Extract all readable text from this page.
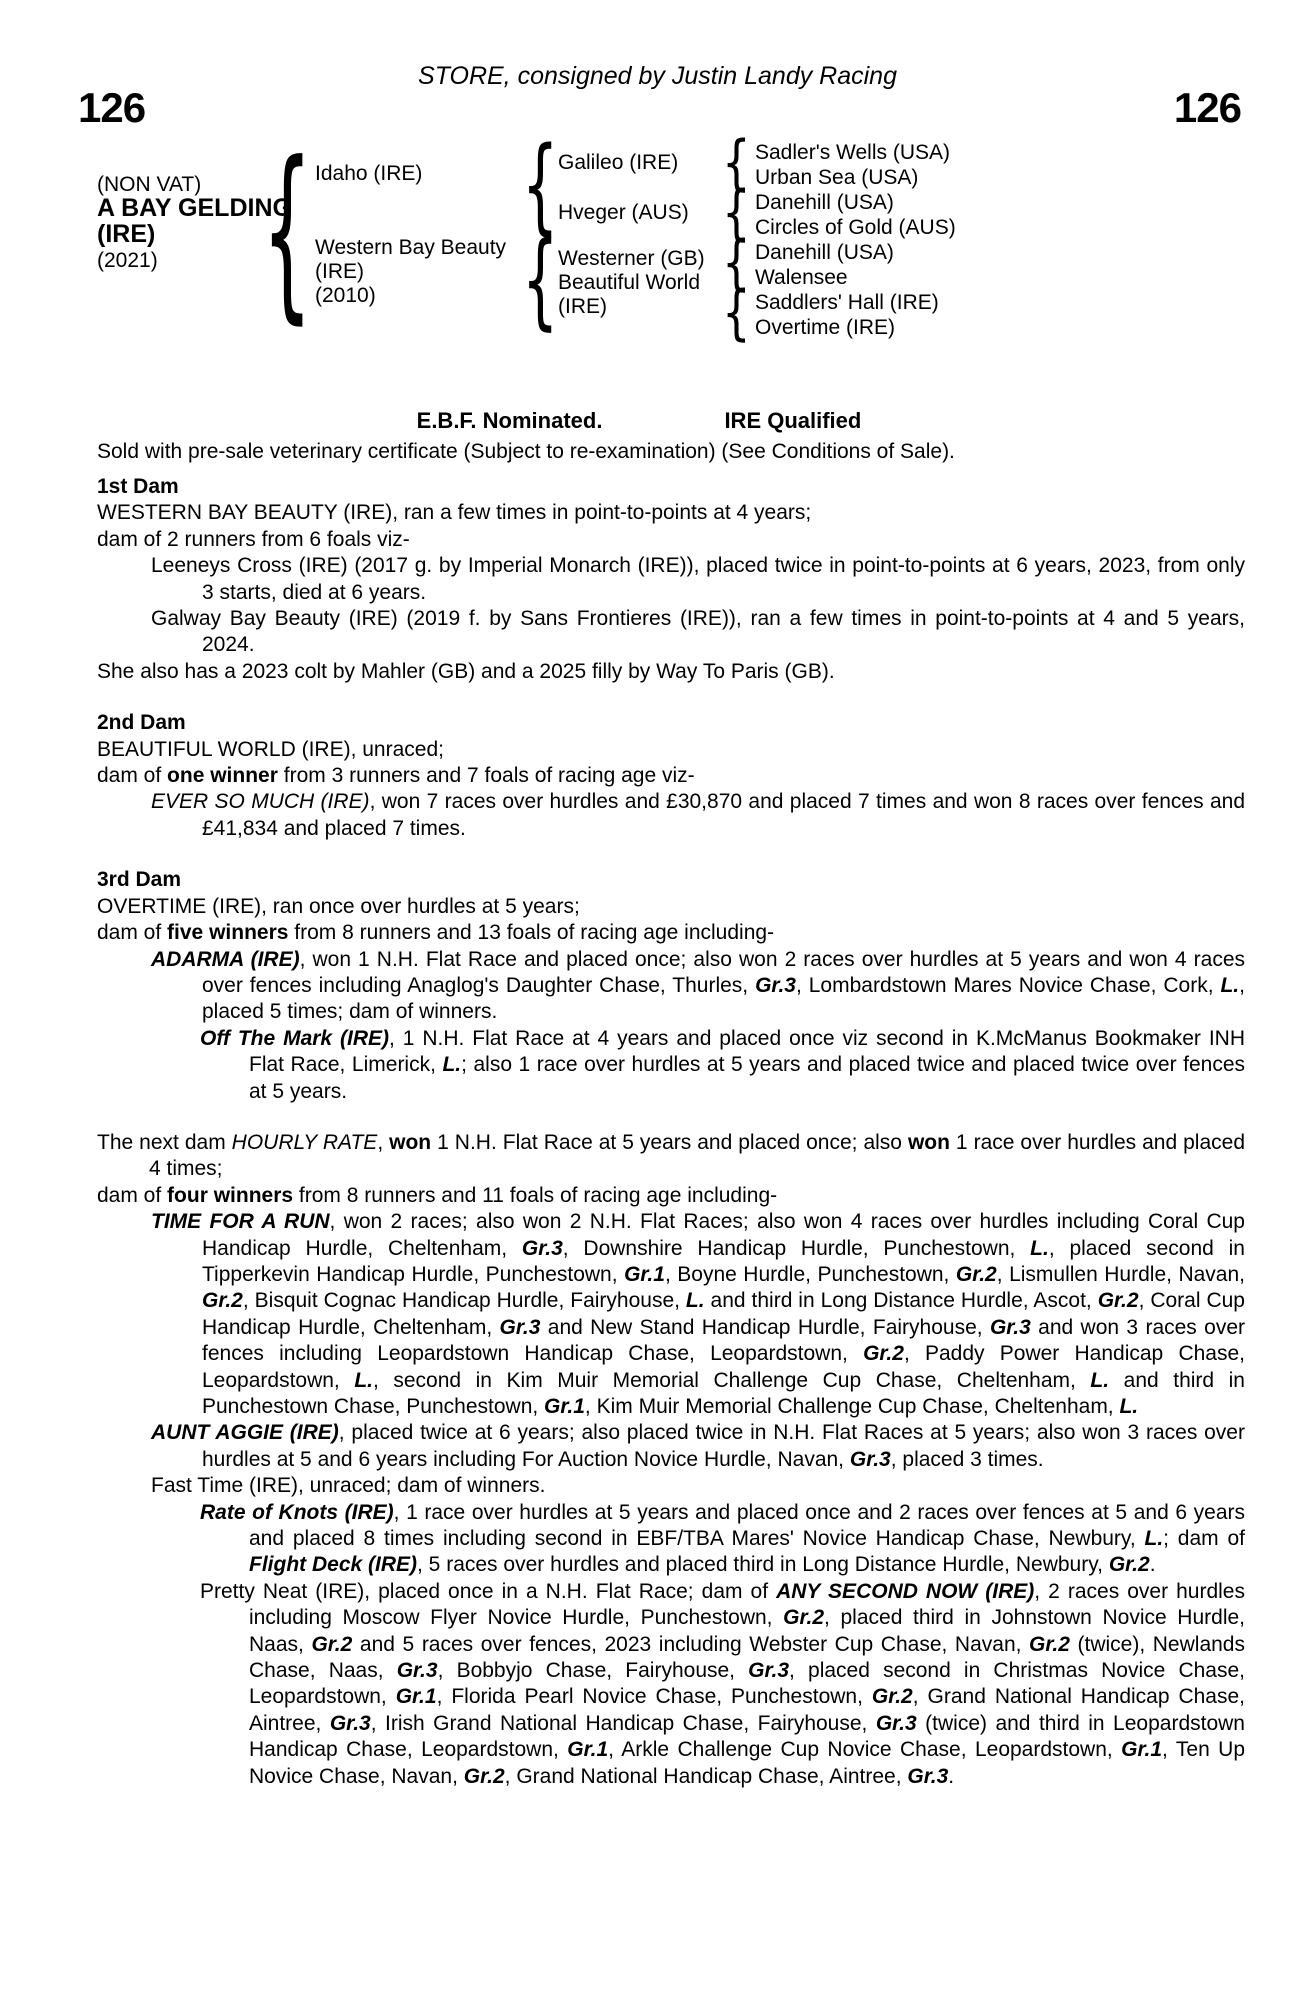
STORE, consigned by Justin Landy Racing
126	126
(NON VAT)
A BAY GELDING
(IRE)
(2021) { Idaho (IRE)
Western Bay Beauty
(IRE)
(2010)
{
{
Galileo (IRE)
Hveger (AUS)
Westerner (GB)
Beautiful World
(IRE)
{
{
{
{
Sadler's Wells (USA)
Urban Sea (USA)
Danehill (USA)
Circles of Gold (AUS)
Danehill (USA)
Walensee
Saddlers' Hall (IRE)
Overtime (IRE)
E.B.F. Nominated.	IRE Qualified
Sold with pre-sale veterinary certificate (Subject to re-examination) (See Conditions of Sale).
1st Dam

WESTERN BAY BEAUTY (IRE), ran a few times in point-to-points at 4 years;

dam of 2 runners from 6 foals viz-

Leeneys Cross (IRE) (2017 g. by Imperial Monarch (IRE)), placed twice in point-to-points at 6 years, 2023, from only 3 starts, died at 6 years.

Galway Bay Beauty (IRE) (2019 f. by Sans Frontieres (IRE)), ran a few times in point-to-points at 4 and 5 years, 2024.

She also has a 2023 colt by Mahler (GB) and a 2025 filly by Way To Paris (GB).

2nd Dam

BEAUTIFUL WORLD (IRE), unraced;

dam of one winner from 3 runners and 7 foals of racing age viz-

EVER SO MUCH (IRE), won 7 races over hurdles and £30,870 and placed 7 times and won 8 races over fences and £41,834 and placed 7 times.

3rd Dam

OVERTIME (IRE), ran once over hurdles at 5 years;

dam of five winners from 8 runners and 13 foals of racing age including-

ADARMA (IRE), won 1 N.H. Flat Race and placed once; also won 2 races over hurdles at 5 years and won 4 races over fences including Anaglog's Daughter Chase, Thurles, Gr.3, Lombardstown Mares Novice Chase, Cork, L., placed 5 times; dam of winners.

Off The Mark (IRE), 1 N.H. Flat Race at 4 years and placed once viz second in K.McManus Bookmaker INH Flat Race, Limerick, L.; also 1 race over hurdles at 5 years and placed twice and placed twice over fences at 5 years.

The next dam HOURLY RATE, won 1 N.H. Flat Race at 5 years and placed once; also won 1 race over hurdles and placed 4 times;

dam of four winners from 8 runners and 11 foals of racing age including-

TIME FOR A RUN, won 2 races; also won 2 N.H. Flat Races; also won 4 races over hurdles including Coral Cup Handicap Hurdle, Cheltenham, Gr.3, Downshire Handicap Hurdle, Punchestown, L., placed second in Tipperkevin Handicap Hurdle, Punchestown, Gr.1, Boyne Hurdle, Punchestown, Gr.2, Lismullen Hurdle, Navan, Gr.2, Bisquit Cognac Handicap Hurdle, Fairyhouse, L. and third in Long Distance Hurdle, Ascot, Gr.2, Coral Cup Handicap Hurdle, Cheltenham, Gr.3 and New Stand Handicap Hurdle, Fairyhouse, Gr.3 and won 3 races over fences including Leopardstown Handicap Chase, Leopardstown, Gr.2, Paddy Power Handicap Chase, Leopardstown, L., second in Kim Muir Memorial Challenge Cup Chase, Cheltenham, L. and third in Punchestown Chase, Punchestown, Gr.1, Kim Muir Memorial Challenge Cup Chase, Cheltenham, L.

AUNT AGGIE (IRE), placed twice at 6 years; also placed twice in N.H. Flat Races at 5 years; also won 3 races over hurdles at 5 and 6 years including For Auction Novice Hurdle, Navan, Gr.3, placed 3 times.

Fast Time (IRE), unraced; dam of winners.

Rate of Knots (IRE), 1 race over hurdles at 5 years and placed once and 2 races over fences at 5 and 6 years and placed 8 times including second in EBF/TBA Mares' Novice Handicap Chase, Newbury, L.; dam of Flight Deck (IRE), 5 races over hurdles and placed third in Long Distance Hurdle, Newbury, Gr.2.

Pretty Neat (IRE), placed once in a N.H. Flat Race; dam of ANY SECOND NOW (IRE), 2 races over hurdles including Moscow Flyer Novice Hurdle, Punchestown, Gr.2, placed third in Johnstown Novice Hurdle, Naas, Gr.2 and 5 races over fences, 2023 including Webster Cup Chase, Navan, Gr.2 (twice), Newlands Chase, Naas, Gr.3, Bobbyjo Chase, Fairyhouse, Gr.3, placed second in Christmas Novice Chase, Leopardstown, Gr.1, Florida Pearl Novice Chase, Punchestown, Gr.2, Grand National Handicap Chase, Aintree, Gr.3, Irish Grand National Handicap Chase, Fairyhouse, Gr.3 (twice) and third in Leopardstown Handicap Chase, Leopardstown, Gr.1, Arkle Challenge Cup Novice Chase, Leopardstown, Gr.1, Ten Up Novice Chase, Navan, Gr.2, Grand National Handicap Chase, Aintree, Gr.3.
